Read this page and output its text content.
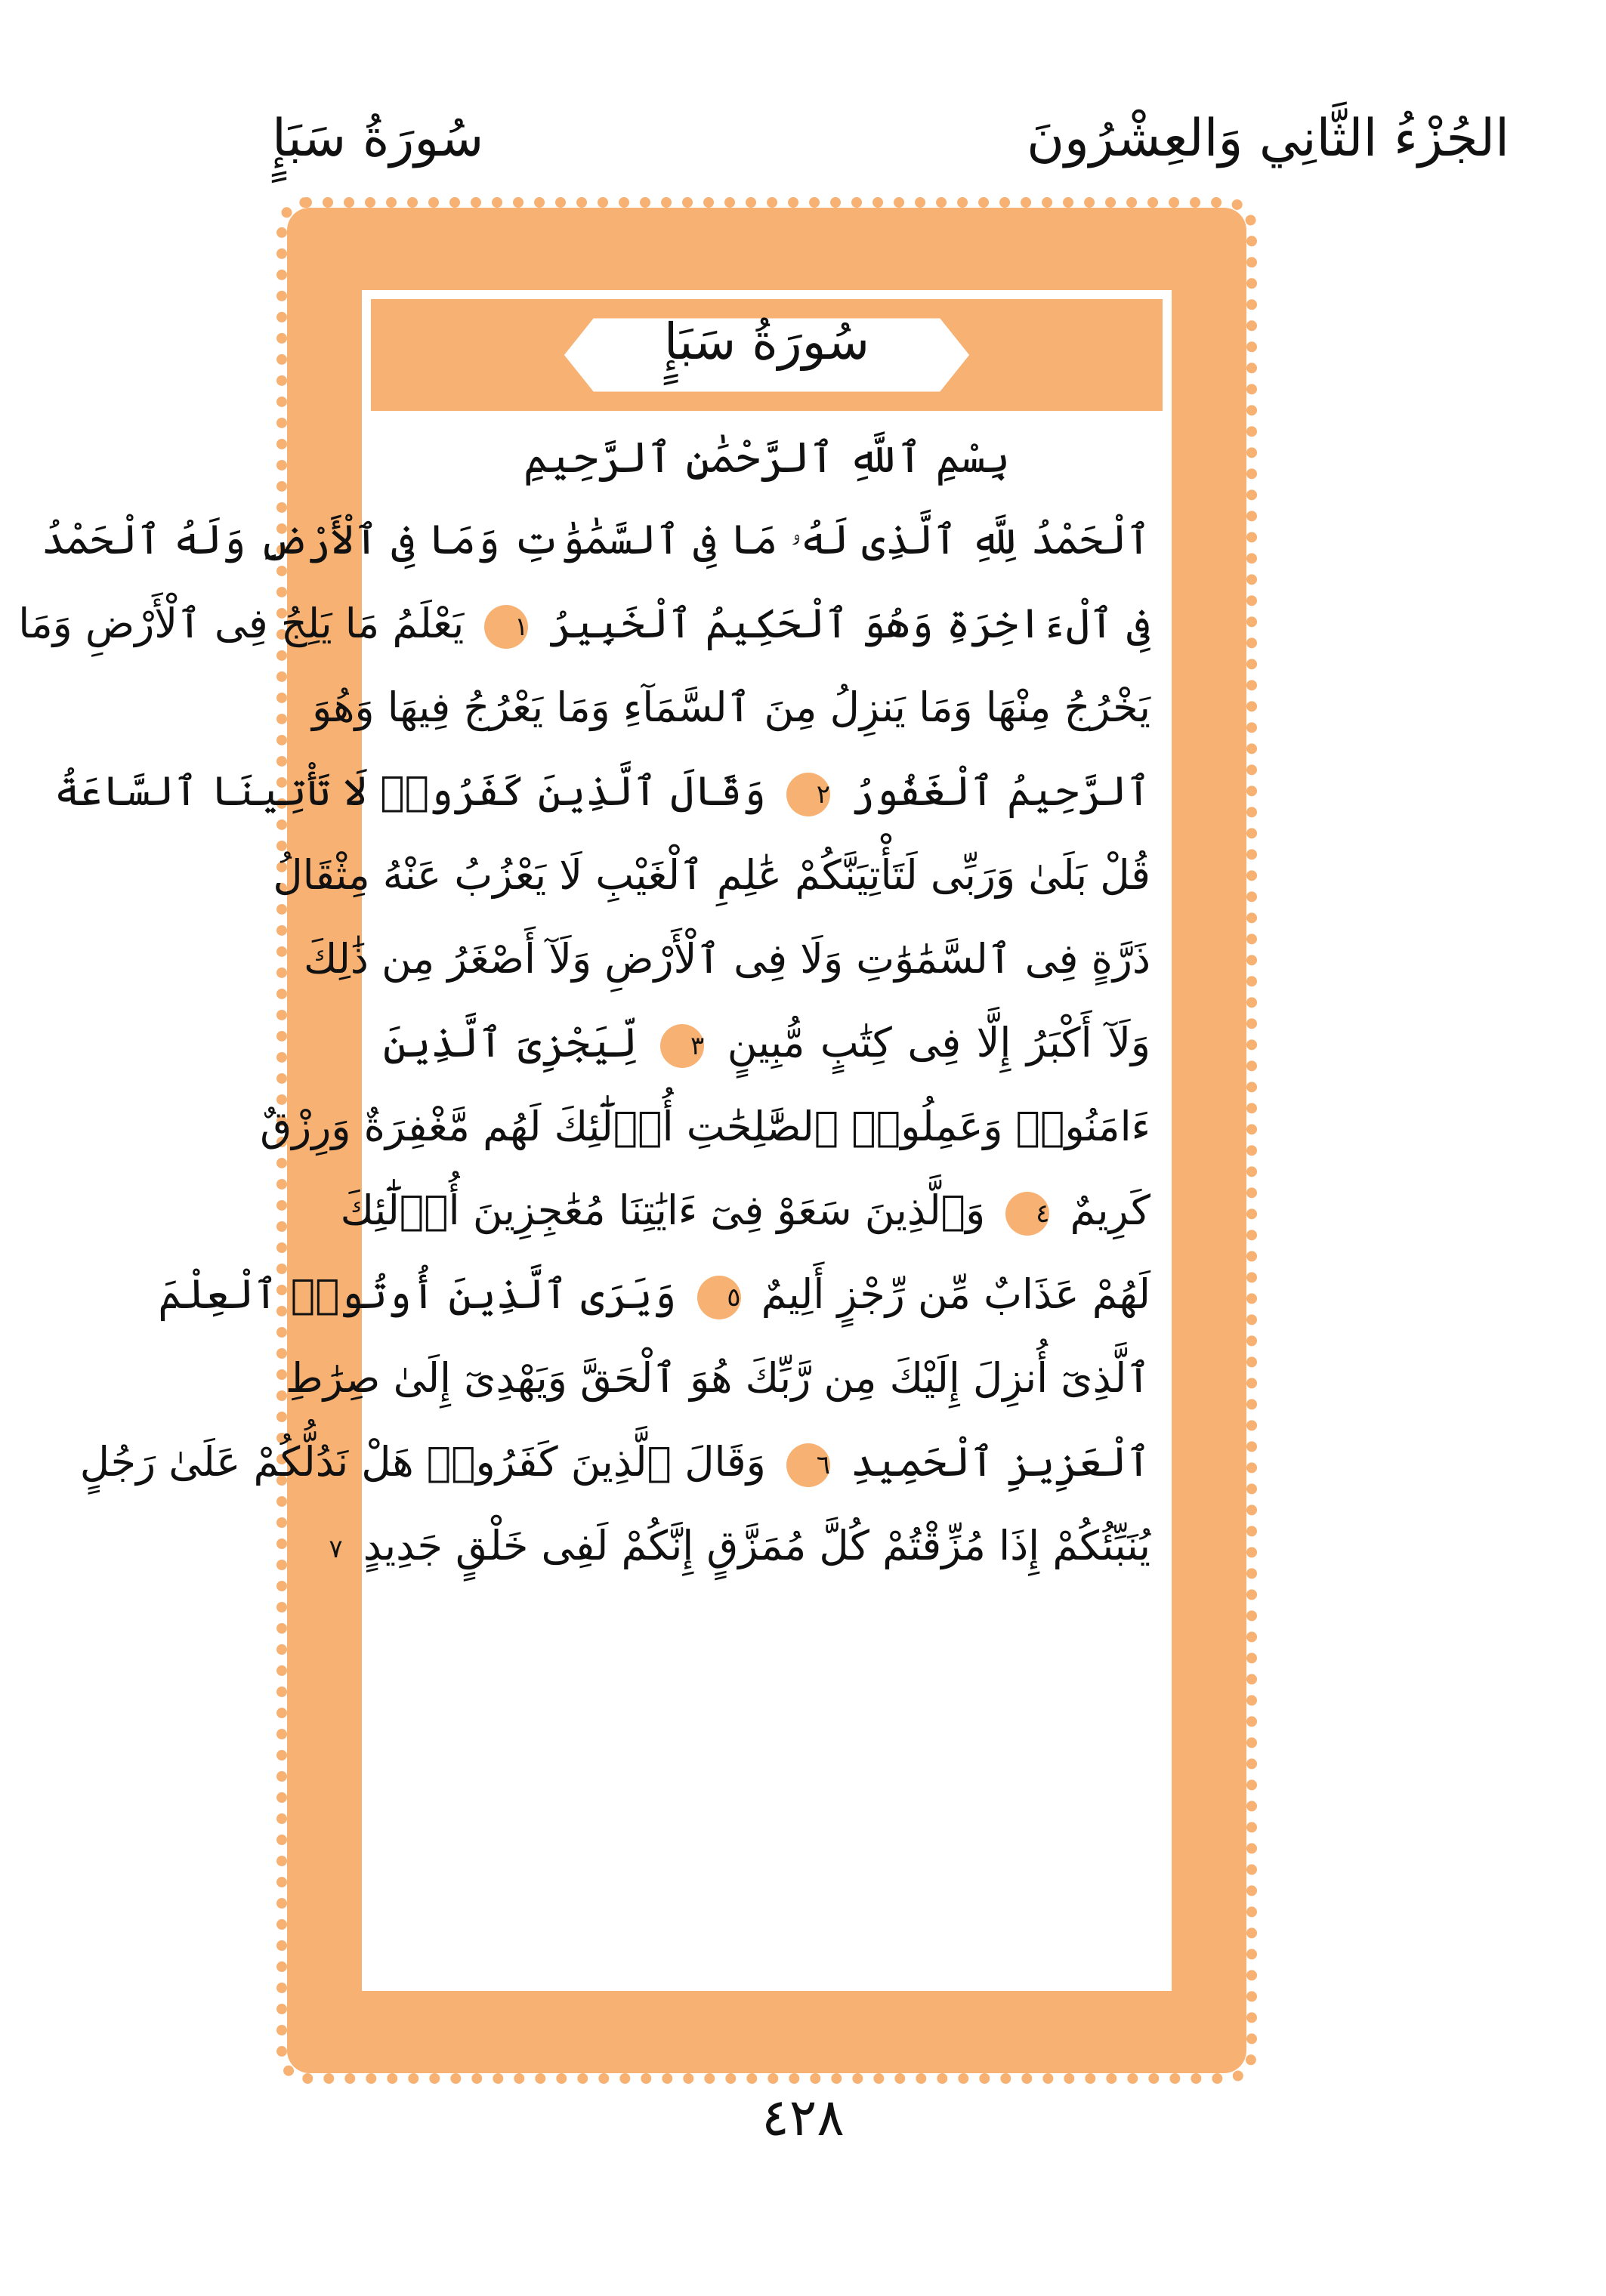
الجُزْءُ الثَّانِي وَالعِشْرُونَ
سُورَةُ سَبَإٍ
سُورَةُ سَبَإٍ
بِسْمِ ٱللَّهِ ٱلرَّحْمَٰنِ ٱلرَّحِيمِ
ٱلْحَمْدُ لِلَّهِ ٱلَّذِى لَهُۥ مَا فِى ٱلسَّمَٰوَٰتِ وَمَا فِى ٱلْأَرْضِ وَلَهُ ٱلْحَمْدُ
فِى ٱلْءَاخِرَةِ وَهُوَ ٱلْحَكِيمُ ٱلْخَبِيرُ ١ يَعْلَمُ مَا يَلِجُ فِى ٱلْأَرْضِ وَمَا
يَخْرُجُ مِنْهَا وَمَا يَنزِلُ مِنَ ٱلسَّمَآءِ وَمَا يَعْرُجُ فِيهَا وَهُوَ
ٱلرَّحِيمُ ٱلْغَفُورُ ٢ وَقَالَ ٱلَّذِينَ كَفَرُوا۟ لَا تَأْتِينَا ٱلسَّاعَةُ
قُلْ بَلَىٰ وَرَبِّى لَتَأْتِيَنَّكُمْ عَٰلِمِ ٱلْغَيْبِ لَا يَعْزُبُ عَنْهُ مِثْقَالُ
ذَرَّةٍ فِى ٱلسَّمَٰوَٰتِ وَلَا فِى ٱلْأَرْضِ وَلَآ أَصْغَرُ مِن ذَٰلِكَ
وَلَآ أَكْبَرُ إِلَّا فِى كِتَٰبٍ مُّبِينٍ ٣ لِّيَجْزِىَ ٱلَّذِينَ
ءَامَنُوا۟ وَعَمِلُوا۟ ٱلصَّٰلِحَٰتِ أُو۟لَٰٓئِكَ لَهُم مَّغْفِرَةٌ وَرِزْقٌ
كَرِيمٌ ٤ وَٱلَّذِينَ سَعَوْ فِىٓ ءَايَٰتِنَا مُعَٰجِزِينَ أُو۟لَٰٓئِكَ
لَهُمْ عَذَابٌ مِّن رِّجْزٍ أَلِيمٌ ٥ وَيَرَى ٱلَّذِينَ أُوتُوا۟ ٱلْعِلْمَ
ٱلَّذِىٓ أُنزِلَ إِلَيْكَ مِن رَّبِّكَ هُوَ ٱلْحَقَّ وَيَهْدِىٓ إِلَىٰ صِرَٰطِ
ٱلْعَزِيزِ ٱلْحَمِيدِ ٦ وَقَالَ ٱلَّذِينَ كَفَرُوا۟ هَلْ نَدُلُّكُمْ عَلَىٰ رَجُلٍ
يُنَبِّئُكُمْ إِذَا مُزِّقْتُمْ كُلَّ مُمَزَّقٍ إِنَّكُمْ لَفِى خَلْقٍ جَدِيدٍ ٧
٤٢٨
